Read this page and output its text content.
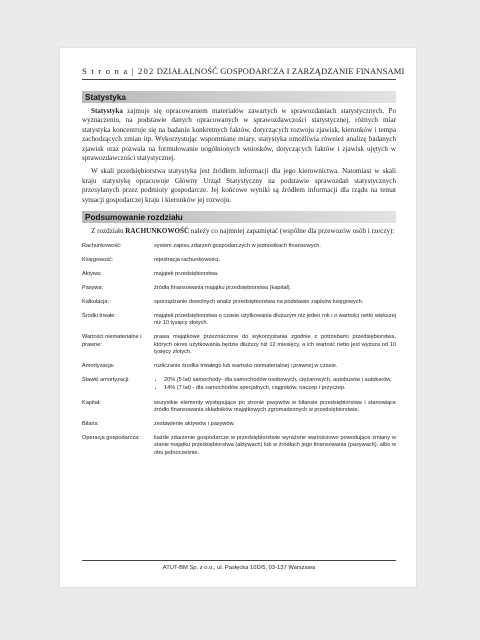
S t r o n a | 202 DZIAŁALNOŚĆ GOSPODARCZA I ZARZĄDZANIE FINANSAMI
Statystyka

Statystyka zajmuje się opracowaniem materiałów zawartych w sprawozdaniach statystycznych. Po wyznaczeniu, na podstawie danych opracowanych w sprawozdawczości statystycznej, różnych miar statystyka koncentruje się na badaniu konkretnych faktów, dotyczących rozwoju zjawisk, kierunków i tempa zachodzących zmian itp. Wykorzystując wspomniane miary, statystyka umożliwia również analizę badanych zjawisk oraz pozwala na formułowanie uogólnionych wniosków, dotyczących faktów i zjawisk ujętych w sprawozdawczości statystycznej.

W skali przedsiębiorstwa statystyka jest źródłem informacji dla jego kierownictwa. Natomiast w skali kraju statystykę opracowuje Główny Urząd Statystyczny na podstawie sprawozdań statystycznych przesyłanych przez podmioty gospodarcze. Jej końcowe wyniki są źródłem informacji dla rządu na temat sytuacji gospodarczej kraju i kierunków jej rozwoju.

Podsumowanie rozdziału

Z rozdziału RACHUNKOWOŚĆ należy co najmniej zapamiętać (wspólne dla przewozów osób i rzeczy):

Rachunkowość:	system zapisu zdarzeń gospodarczych w jednostkach finansowych.
Księgowość:	rejestracja rachunkowości.
Aktywa:	majątek przedsiębiorstwa.
Pasywa:	źródła finansowania majątku przedsiębiorstwa (kapitał).
Kalkulacja:	sporządzanie dowolnych analiz przedsiębiorstwa na podstawie zapisów księgowych.
Środki trwałe:	majątek przedsiębiorstwa o czasie użytkowania dłuższym niż jeden rok i o wartości netto większej niż 10 tysięcy złotych.
Wartości niematerialne i prawne:
prawa majątkowe przeznaczone do wykorzystania zgodnie z potrzebami przedsiębiorstwa, których okres użytkowania będzie dłuższy niż 12 miesięcy, a ich wartość netto jest wyższa od 10 tysięcy złotych.
Amortyzacja:	rozliczanie środka trwałego lub wartości niematerialnej i prawnej w czasie.
Stawki amortyzacji:
•	20% (5 lat) samochody- dla samochodów osobowych, ciężarowych, autobusów i autokarów,
• 14% (7 lat) - dla samochodów specjalnych, ciągników, naczep i przyczep.
Kapitał:	wszystkie elementy występujące po stronie pasywów w bilansie przedsiębiorstwa i stanowiące źródło finansowania składników majątkowych zgromadzonych w przedsiębiorstwie.
Bilans:	zestawienie aktywów i pasywów.
Operacja gospodarcza:	każde zdarzenie gospodarcze w przedsiębiorstwie wyrażone wartościowo powodujące zmiany w stanie majątku przedsiębiorstwa (aktywach) lub w źródłach jego finansowania (pasywach), albo w obu jednocześnie.
ATUT-BM Sp. z o.o., ul. Pasłęcka 10D/5, 03-137 Warszawa
